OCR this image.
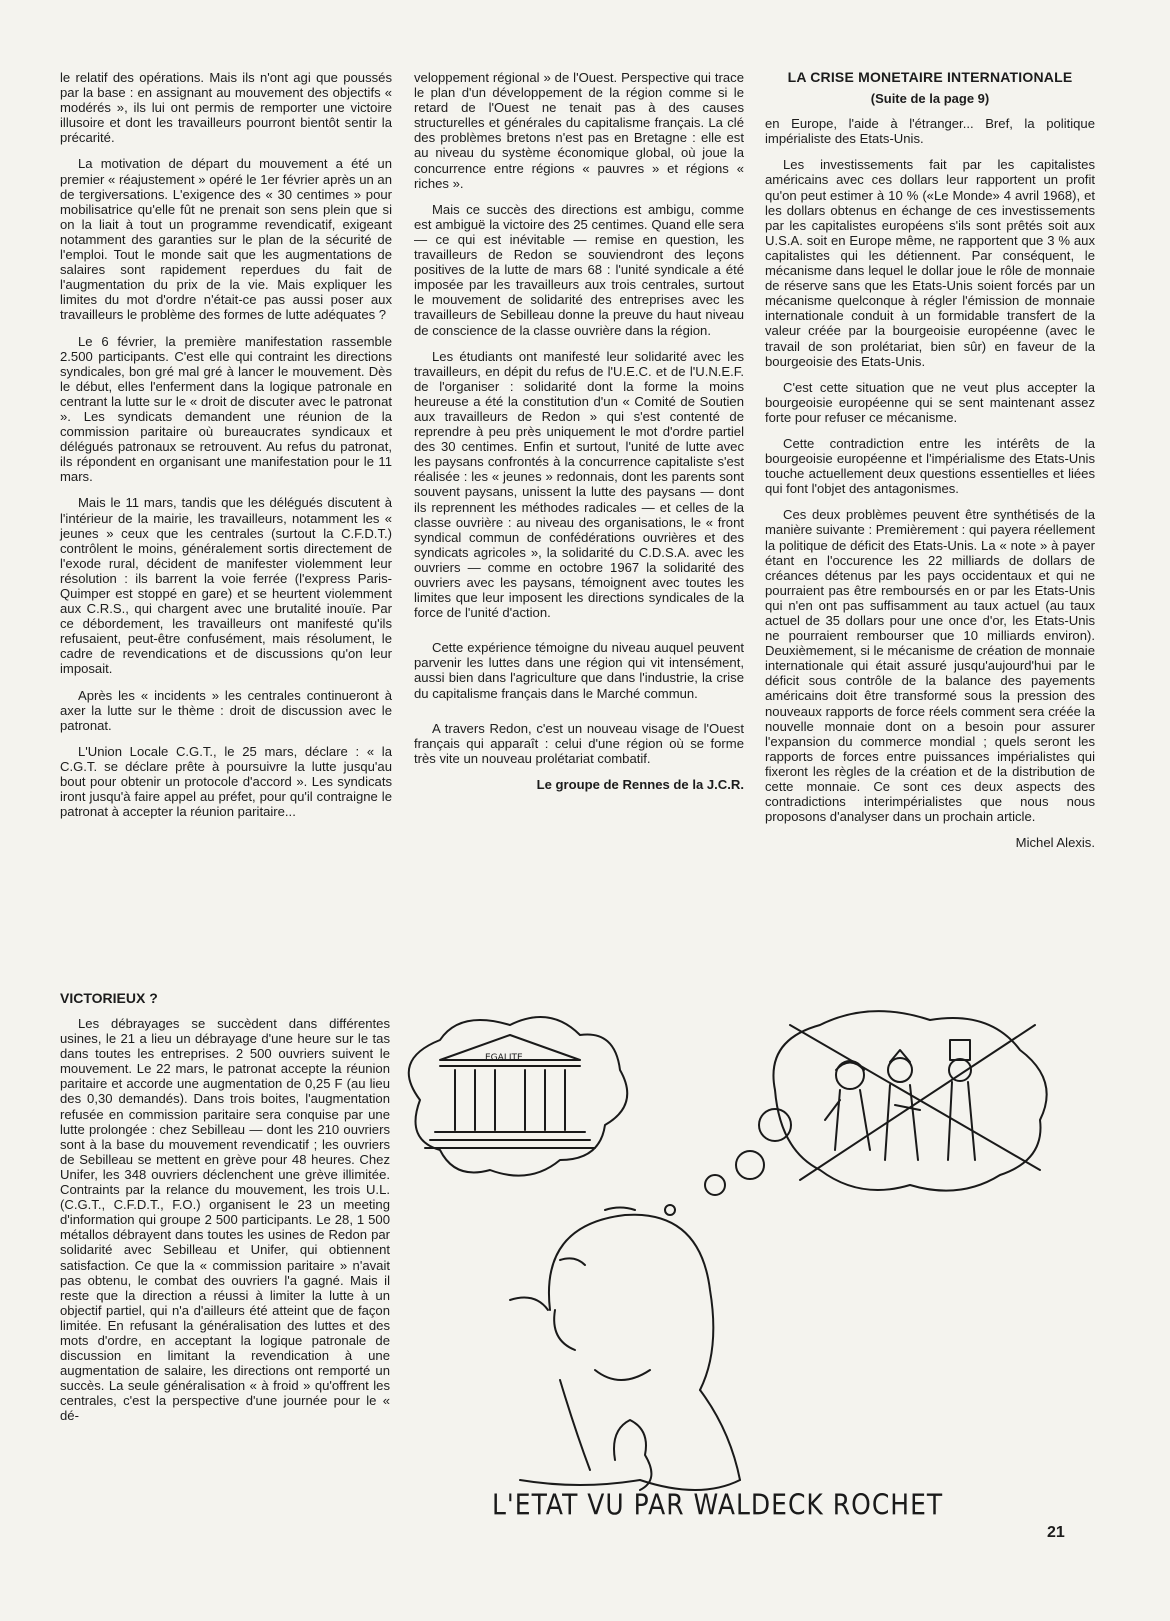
le relatif des opérations. Mais ils n'ont agi que poussés par la base : en assignant au mouvement des objectifs « modérés », ils lui ont permis de remporter une victoire illusoire et dont les travailleurs pourront bientôt sentir la précarité.

La motivation de départ du mouvement a été un premier « réajustement » opéré le 1er février après un an de tergiversations. L'exigence des « 30 centimes » pour mobilisatrice qu'elle fût ne prenait son sens plein que si on la liait à tout un programme revendicatif, exigeant notamment des garanties sur le plan de la sécurité de l'emploi. Tout le monde sait que les augmentations de salaires sont rapidement reperdues du fait de l'augmentation du prix de la vie. Mais expliquer les limites du mot d'ordre n'était-ce pas aussi poser aux travailleurs le problème des formes de lutte adéquates ?

Le 6 février, la première manifestation rassemble 2.500 participants. C'est elle qui contraint les directions syndicales, bon gré mal gré à lancer le mouvement. Dès le début, elles l'enferment dans la logique patronale en centrant la lutte sur le « droit de discuter avec le patronat ». Les syndicats demandent une réunion de la commission paritaire où bureaucrates syndicaux et délégués patronaux se retrouvent. Au refus du patronat, ils répondent en organisant une manifestation pour le 11 mars.

Mais le 11 mars, tandis que les délégués discutent à l'intérieur de la mairie, les travailleurs, notamment les « jeunes » ceux que les centrales (surtout la C.F.D.T.) contrôlent le moins, généralement sortis directement de l'exode rural, décident de manifester violemment leur résolution : ils barrent la voie ferrée (l'express Paris-Quimper est stoppé en gare) et se heurtent violemment aux C.R.S., qui chargent avec une brutalité inouïe. Par ce débordement, les travailleurs ont manifesté qu'ils refusaient, peut-être confusément, mais résolument, le cadre de revendications et de discussions qu'on leur imposait.

Après les « incidents » les centrales continueront à axer la lutte sur le thème : droit de discussion avec le patronat.

L'Union Locale C.G.T., le 25 mars, déclare : « la C.G.T. se déclare prête à poursuivre la lutte jusqu'au bout pour obtenir un protocole d'accord ». Les syndicats iront jusqu'à faire appel au préfet, pour qu'il contraigne le patronat à accepter la réunion paritaire...

veloppement régional » de l'Ouest. Perspective qui trace le plan d'un développement de la région comme si le retard de l'Ouest ne tenait pas à des causes structurelles et générales du capitalisme français. La clé des problèmes bretons n'est pas en Bretagne : elle est au niveau du système économique global, où joue la concurrence entre régions « pauvres » et régions « riches ».

Mais ce succès des directions est ambigu, comme est ambiguë la victoire des 25 centimes. Quand elle sera — ce qui est inévitable — remise en question, les travailleurs de Redon se souviendront des leçons positives de la lutte de mars 68 : l'unité syndicale a été imposée par les travailleurs aux trois centrales, surtout le mouvement de solidarité des entreprises avec les travailleurs de Sebilleau donne la preuve du haut niveau de conscience de la classe ouvrière dans la région.

Les étudiants ont manifesté leur solidarité avec les travailleurs, en dépit du refus de l'U.E.C. et de l'U.N.E.F. de l'organiser : solidarité dont la forme la moins heureuse a été la constitution d'un « Comité de Soutien aux travailleurs de Redon » qui s'est contenté de reprendre à peu près uniquement le mot d'ordre partiel des 30 centimes. Enfin et surtout, l'unité de lutte avec les paysans confrontés à la concurrence capitaliste s'est réalisée : les « jeunes » redonnais, dont les parents sont souvent paysans, unissent la lutte des paysans — dont ils reprennent les méthodes radicales — et celles de la classe ouvrière : au niveau des organisations, le « front syndical commun de confédérations ouvrières et des syndicats agricoles », la solidarité du C.D.S.A. avec les ouvriers — comme en octobre 1967 la solidarité des ouvriers avec les paysans, témoignent avec toutes les limites que leur imposent les directions syndicales de la force de l'unité d'action.

Cette expérience témoigne du niveau auquel peuvent parvenir les luttes dans une région qui vit intensément, aussi bien dans l'agriculture que dans l'industrie, la crise du capitalisme français dans le Marché commun.

A travers Redon, c'est un nouveau visage de l'Ouest français qui apparaît : celui d'une région où se forme très vite un nouveau prolétariat combatif.

Le groupe de Rennes de la J.C.R.

LA CRISE MONETAIRE INTERNATIONALE
(Suite de la page 9)

en Europe, l'aide à l'étranger... Bref, la politique impérialiste des Etats-Unis.

Les investissements fait par les capitalistes américains avec ces dollars leur rapportent un profit qu'on peut estimer à 10 % («Le Monde» 4 avril 1968), et les dollars obtenus en échange de ces investissements par les capitalistes européens s'ils sont prêtés soit aux U.S.A. soit en Europe même, ne rapportent que 3 % aux capitalistes qui les détiennent. Par conséquent, le mécanisme dans lequel le dollar joue le rôle de monnaie de réserve sans que les Etats-Unis soient forcés par un mécanisme quelconque à régler l'émission de monnaie internationale conduit à un formidable transfert de la valeur créée par la bourgeoisie européenne (avec le travail de son prolétariat, bien sûr) en faveur de la bourgeoisie des Etats-Unis.

C'est cette situation que ne veut plus accepter la bourgeoisie européenne qui se sent maintenant assez forte pour refuser ce mécanisme.

Cette contradiction entre les intérêts de la bourgeoisie européenne et l'impérialisme des Etats-Unis touche actuellement deux questions essentielles et liées qui font l'objet des antagonismes.

Ces deux problèmes peuvent être synthétisés de la manière suivante : Premièrement : qui payera réellement la politique de déficit des Etats-Unis. La « note » à payer étant en l'occurence les 22 milliards de dollars de créances détenus par les pays occidentaux et qui ne pourraient pas être remboursés en or par les Etats-Unis qui n'en ont pas suffisamment au taux actuel (au taux actuel de 35 dollars pour une once d'or, les Etats-Unis ne pourraient rembourser que 10 milliards environ). Deuxièmement, si le mécanisme de création de monnaie internationale qui était assuré jusqu'aujourd'hui par le déficit sous contrôle de la balance des payements américains doit être transformé sous la pression des nouveaux rapports de force réels comment sera créée la nouvelle monnaie dont on a besoin pour assurer l'expansion du commerce mondial ; quels seront les rapports de forces entre puissances impérialistes qui fixeront les règles de la création et de la distribution de cette monnaie. Ce sont ces deux aspects des contradictions interimpérialistes que nous nous proposons d'analyser dans un prochain article.

Michel Alexis.

VICTORIEUX ?

Les débrayages se succèdent dans différentes usines, le 21 a lieu un débrayage d'une heure sur le tas dans toutes les entreprises. 2 500 ouvriers suivent le mouvement. Le 22 mars, le patronat accepte la réunion paritaire et accorde une augmentation de 0,25 F (au lieu des 0,30 demandés). Dans trois boites, l'augmentation refusée en commission paritaire sera conquise par une lutte prolongée : chez Sebilleau — dont les 210 ouvriers sont à la base du mouvement revendicatif ; les ouvriers de Sebilleau se mettent en grève pour 48 heures. Chez Unifer, les 348 ouvriers déclenchent une grève illimitée. Contraints par la relance du mouvement, les trois U.L. (C.G.T., C.F.D.T., F.O.) organisent le 23 un meeting d'information qui groupe 2 500 participants. Le 28, 1 500 métallos débrayent dans toutes les usines de Redon par solidarité avec Sebilleau et Unifer, qui obtiennent satisfaction. Ce que la « commission paritaire » n'avait pas obtenu, le combat des ouvriers l'a gagné. Mais il reste que la direction a réussi à limiter la lutte à un objectif partiel, qui n'a d'ailleurs été atteint que de façon limitée. En refusant la généralisation des luttes et des mots d'ordre, en acceptant la logique patronale de discussion en limitant la revendication à une augmentation de salaire, les directions ont remporté un succès. La seule généralisation « à froid » qu'offrent les centrales, c'est la perspective d'une journée pour le « dé-

EGALITE
L'ETAT VU PAR WALDECK ROCHET
21
